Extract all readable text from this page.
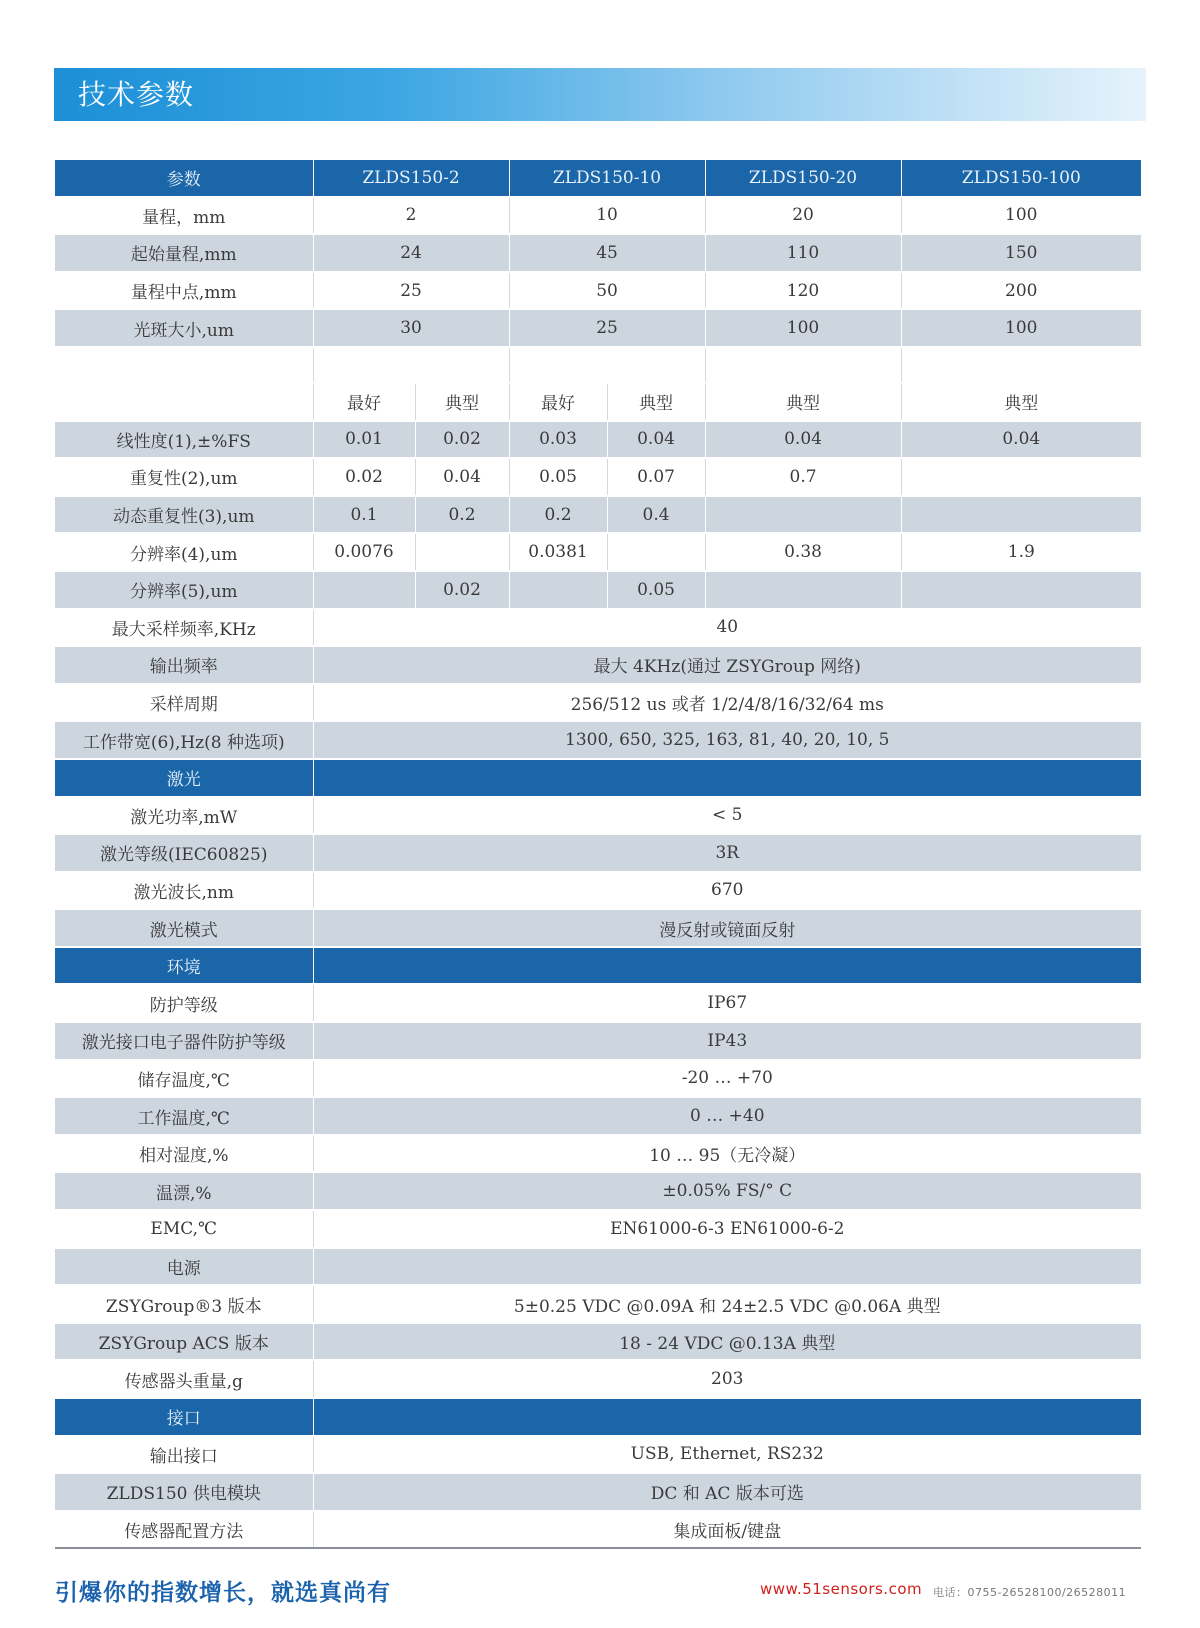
技术参数
参数	ZLDS150-2		ZLDS150-10		ZLDS150-20	ZLDS150-100
量程，mm	2		10		20	100
起始量程,mm	24		45		110	150
量程中点,mm	25		50		120	200
光斑大小,um	30		25		100	100

	最好	典型	最好	典型	典型	典型
线性度(1),±%FS	0.01	0.02	0.03	0.04	0.04	0.04
重复性(2),um	0.02	0.04	0.05	0.07	0.7	
动态重复性(3),um	0.1	0.2	0.2	0.4		
分辨率(4),um	0.0076		0.0381		0.38	1.9
分辨率(5),um		0.02		0.05		
最大采样频率,KHz	40					
输出频率	最大 4KHz(通过 ZSYGroup 网络)					
采样周期	256/512 us 或者 1/2/4/8/16/32/64 ms					
工作带宽(6),Hz(8 种选项)	1300, 650, 325, 163, 81, 40, 20, 10, 5					
激光						
激光功率,mW	< 5					
激光等级(IEC60825)	3R					
激光波长,nm	670					
激光模式	漫反射或镜面反射					
环境						
防护等级	IP67					
激光接口电子器件防护等级	IP43					
储存温度,℃	-20 … +70					
工作温度,℃	0 … +40					
相对湿度,%	10 … 95（无冷凝）					
温漂,%	±0.05% FS/° C					
EMC,℃	EN61000-6-3 EN61000-6-2					
电源						
ZSYGroup®3 版本	5±0.25 VDC @0.09A 和 24±2.5 VDC @0.06A 典型					
ZSYGroup ACS 版本	18 - 24 VDC @0.13A 典型					
传感器头重量,g	203					
接口						
输出接口	USB, Ethernet, RS232					
ZLDS150 供电模块	DC 和 AC 版本可选					
传感器配置方法	集成面板/键盘					
引爆你的指数增长，就选真尚有	www.51sensors.com 电话：0755-26528100/26528011
